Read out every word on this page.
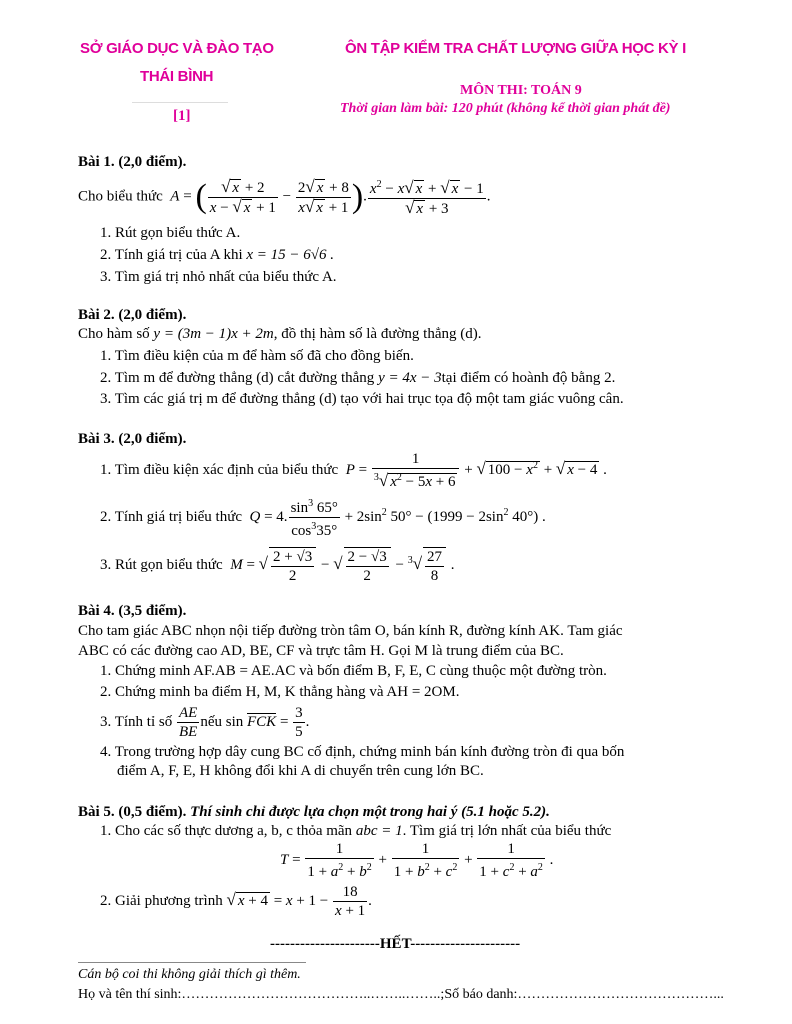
SỞ GIÁO DỤC VÀ ĐÀO TẠO
THÁI BÌNH
[1]
ÔN TẬP KIỂM TRA CHẤT LƯỢNG GIỮA HỌC KỲ I
MÔN THI: TOÁN 9
Thời gian làm bài: 120 phút (không kể thời gian phát đề)
Bài 1. (2,0 điểm).
Cho biểu thức  A = ( $\frac{√ x + 2}{x - √ x + 1} - \frac{2√ x + 8}{x√ x + 1}$ ). $\frac{x^2 - x√ x + √ x - 1}{√ x + 3}$ .
1. Rút gọn biểu thức A.
2. Tính giá trị của A khi x = 15 − 6√6 .
3. Tìm giá trị nhỏ nhất của biểu thức A.
Bài 2. (2,0 điểm).
Cho hàm số y = (3m − 1)x + 2m, đồ thị hàm số là đường thẳng (d).
1. Tìm điều kiện của m để hàm số đã cho đồng biến.
2. Tìm m để đường thẳng (d) cắt đường thẳng y = 4x − 3tại điểm có hoành độ bằng 2.
3. Tìm các giá trị m để đường thẳng (d) tạo với hai trục tọa độ một tam giác vuông cân.
Bài 3. (2,0 điểm).
1. Tìm điều kiện xác định của biểu thức  $P = \frac{1}{^3√ x^2 - 5x + 6}$ + √ $100 - x^2$ + √ x − 4 .
2. Tính giá trị biểu thức  Q = 4. $\frac{\sin^3 65^\circ}{\cos^335^\circ} + 2\sin^2$ $50^\circ - (1999 - 2\sin^2$ 40°) .
3. Rút gọn biểu thức  M = √ $\frac{2 + √3}{2}$ − √ $\frac{2 - √3}{2} - ^3√ \frac{27}{8}$ .
Bài 4. (3,5 điểm).
Cho tam giác ABC nhọn nội tiếp đường tròn tâm O, bán kính R, đường kính AK. Tam giác
ABC có các đường cao AD, BE, CF và trực tâm H. Gọi M là trung điểm của BC.
1. Chứng minh AF.AB = AE.AC và bốn điểm B, F, E, C cùng thuộc một đường tròn.
2. Chứng minh ba điểm H, M, K thẳng hàng và AH = 2OM.
3. Tính tỉ số $\frac{AE}{BE}$ nếu sin FCK = $\frac{3}{5}$ .
4. Trong trường hợp dây cung BC cố định, chứng minh bán kính đường tròn đi qua bốn
điểm A, F, E, H không đổi khi A di chuyển trên cung lớn BC.
Bài 5. (0,5 điểm). Thí sinh chỉ được lựa chọn một trong hai ý (5.1 hoặc 5.2).
1. Cho các số thực dương a, b, c thỏa mãn abc = 1. Tìm giá trị lớn nhất của biểu thức
$T = \frac{1}{1 + a^2 + b^2} + \frac{1}{1 + b^2 + c^2} + \frac{1}{1 + c^2 + a^2}$ .
2. Giải phương trình √ $x + 4 = x + 1 - \frac{18}{x + 1}$ .
----------------------HẾT----------------------
Cán bộ coi thi không giải thích gì thêm.
Họ và tên thí sinh:…………………………………..……..……..;Số báo danh:……………………………………...
